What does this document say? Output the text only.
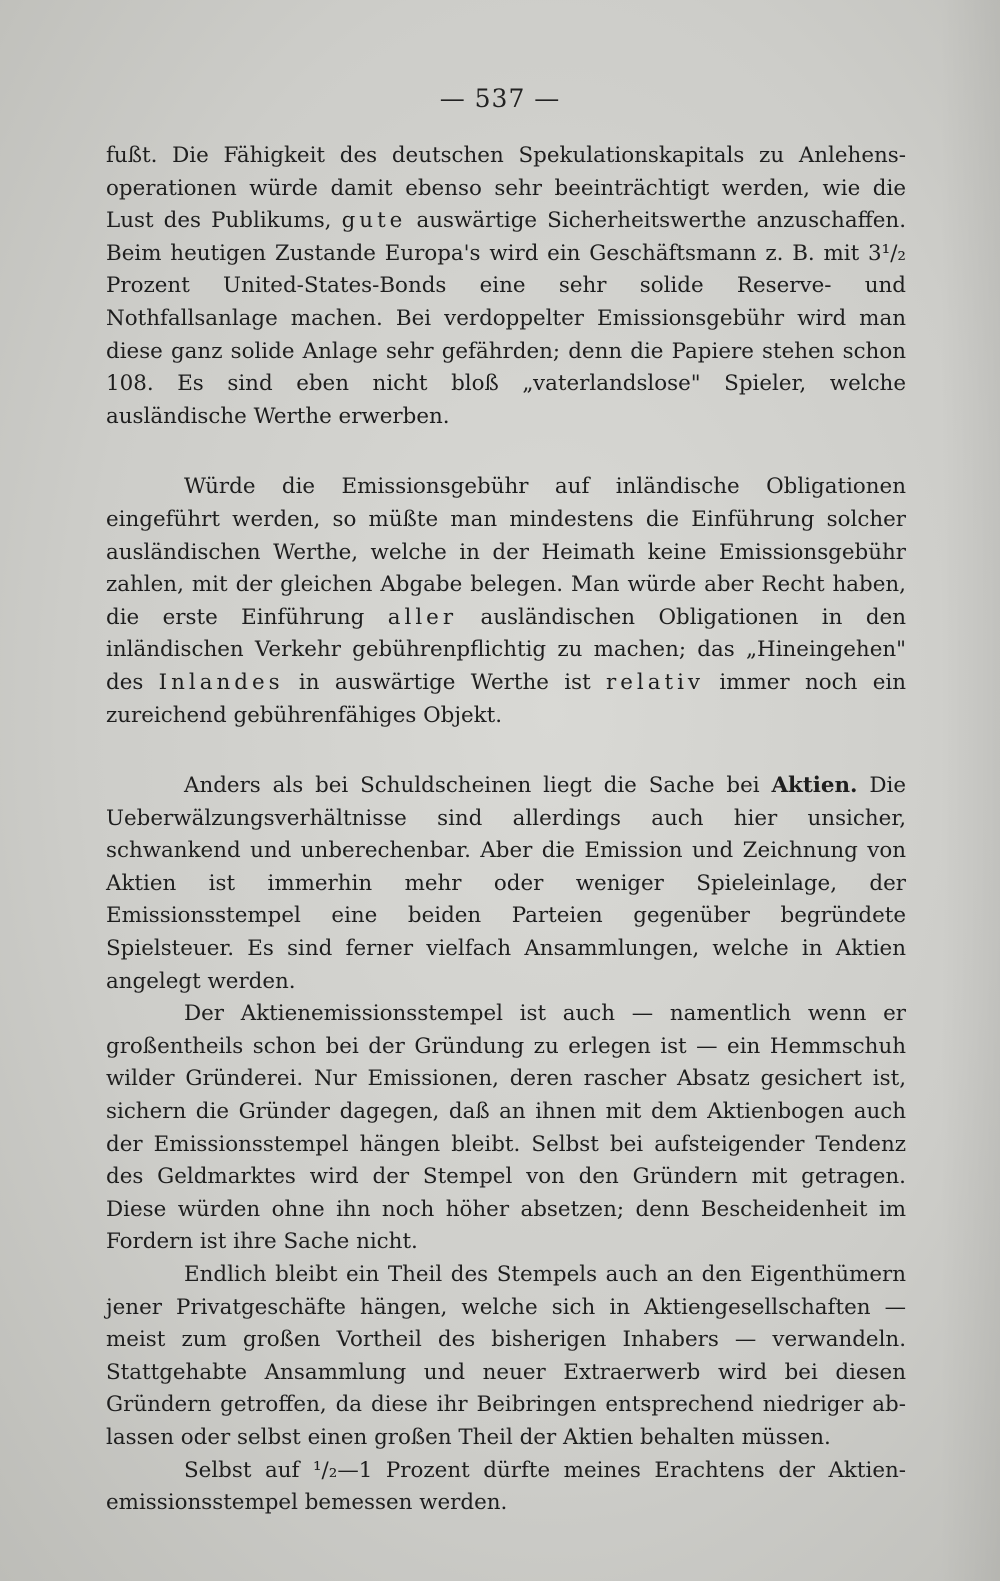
— 537 —

fußt. Die Fähigkeit des deutschen Spekulationskapitals zu Anlehensoperationen würde damit ebenso sehr beeinträchtigt werden, wie die Lust des Publikums, gute auswärtige Sicherheitswerthe anzuschaffen. Beim heutigen Zustande Europa's wird ein Geschäftsmann z. B. mit 3¹/₂ Prozent United-States-Bonds eine sehr solide Reserve- und Nothfallsanlage machen. Bei verdoppelter Emissionsgebühr wird man diese ganz solide Anlage sehr gefährden; denn die Papiere stehen schon 108. Es sind eben nicht bloß „vaterlandslose" Spieler, welche ausländische Werthe erwerben.

Würde die Emissionsgebühr auf inländische Obligationen eingeführt werden, so müßte man mindestens die Einführung solcher ausländischen Werthe, welche in der Heimath keine Emissionsgebühr zahlen, mit der gleichen Abgabe belegen. Man würde aber Recht haben, die erste Einführung aller ausländischen Obligationen in den inländischen Verkehr gebührenpflichtig zu machen; das „Hineingehen" des Inlandes in auswärtige Werthe ist relativ immer noch ein zureichend gebührenfähiges Objekt.

Anders als bei Schuldscheinen liegt die Sache bei Aktien. Die Ueberwälzungsverhältnisse sind allerdings auch hier unsicher, schwankend und unberechenbar. Aber die Emission und Zeichnung von Aktien ist immerhin mehr oder weniger Spieleinlage, der Emissionsstempel eine beiden Parteien gegenüber begründete Spielsteuer. Es sind ferner vielfach Ansammlungen, welche in Aktien angelegt werden.

Der Aktienemissionsstempel ist auch — namentlich wenn er großentheils schon bei der Gründung zu erlegen ist — ein Hemmschuh wilder Gründerei. Nur Emissionen, deren rascher Absatz gesichert ist, sichern die Gründer dagegen, daß an ihnen mit dem Aktienbogen auch der Emissionsstempel hängen bleibt. Selbst bei aufsteigender Tendenz des Geldmarktes wird der Stempel von den Gründern mit getragen. Diese würden ohne ihn noch höher absetzen; denn Bescheidenheit im Fordern ist ihre Sache nicht.

Endlich bleibt ein Theil des Stempels auch an den Eigenthümern jener Privatgeschäfte hängen, welche sich in Aktiengesellschaften — meist zum großen Vortheil des bisherigen Inhabers — verwandeln. Stattgehabte Ansammlung und neuer Extraerwerb wird bei diesen Gründern getroffen, da diese ihr Beibringen entsprechend niedriger ablassen oder selbst einen großen Theil der Aktien behalten müssen.

Selbst auf ¹/₂—1 Prozent dürfte meines Erachtens der Aktienemissionsstempel bemessen werden.
